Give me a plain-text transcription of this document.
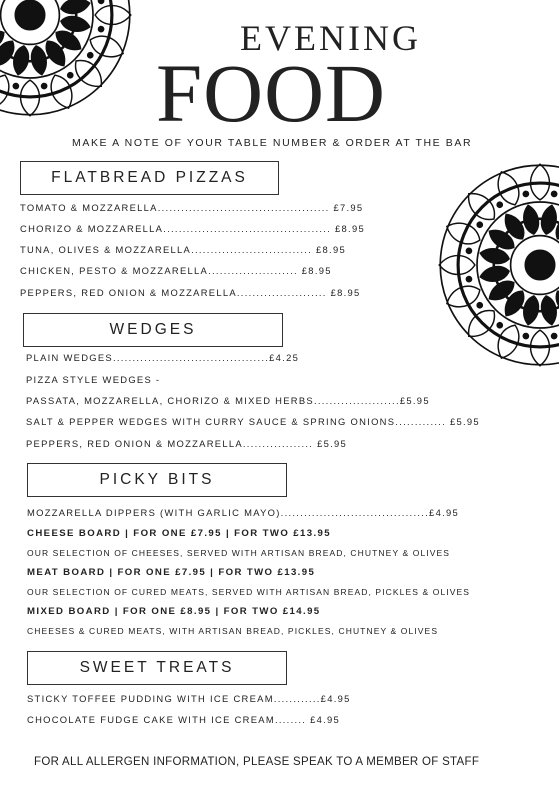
EVENING
FOOD
MAKE A NOTE OF YOUR TABLE NUMBER & ORDER AT THE BAR
FLATBREAD PIZZAS
TOMATO & MOZZARELLA............................................ £7.95
CHORIZO & MOZZARELLA........................................... £8.95
TUNA, OLIVES & MOZZARELLA............................... £8.95
CHICKEN, PESTO & MOZZARELLA....................... £8.95
PEPPERS, RED ONION & MOZZARELLA....................... £8.95
WEDGES
PLAIN WEDGES........................................£4.25
PIZZA STYLE WEDGES -
PASSATA, MOZZARELLA, CHORIZO & MIXED HERBS......................£5.95
SALT & PEPPER WEDGES WITH CURRY SAUCE & SPRING ONIONS............. £5.95
PEPPERS, RED ONION & MOZZARELLA.................. £5.95
PICKY BITS
MOZZARELLA DIPPERS (WITH GARLIC MAYO)......................................£4.95
CHEESE BOARD | FOR ONE £7.95 | FOR TWO £13.95
OUR SELECTION OF CHEESES, SERVED WITH ARTISAN BREAD, CHUTNEY & OLIVES
MEAT BOARD | FOR ONE £7.95 | FOR TWO £13.95
OUR SELECTION OF CURED MEATS, SERVED WITH ARTISAN BREAD, PICKLES & OLIVES
MIXED BOARD | FOR ONE £8.95 | FOR TWO £14.95
CHEESES & CURED MEATS, WITH ARTISAN BREAD, PICKLES, CHUTNEY & OLIVES
SWEET TREATS
STICKY TOFFEE PUDDING WITH ICE CREAM............£4.95
CHOCOLATE FUDGE CAKE WITH ICE CREAM........ £4.95
FOR ALL ALLERGEN INFORMATION, PLEASE SPEAK TO A MEMBER OF STAFF
